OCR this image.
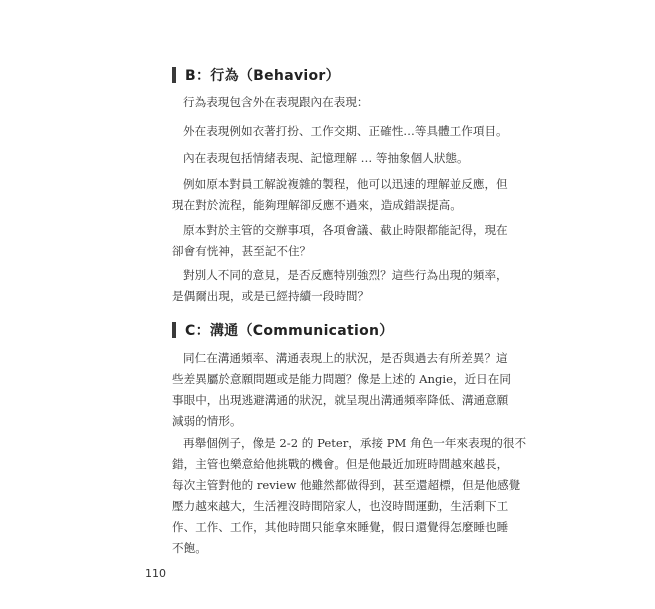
B：行為（Behavior）

行為表現包含外在表現跟內在表現：

外在表現例如衣著打扮、工作交期、正確性…等具體工作項目。

內在表現包括情緒表現、記憶理解 … 等抽象個人狀態。

例如原本對員工解說複雜的製程，他可以迅速的理解並反應，但
現在對於流程，能夠理解卻反應不過來，造成錯誤提高。

原本對於主管的交辦事項，各項會議、截止時限都能記得，現在
卻會有恍神，甚至記不住？

對別人不同的意見，是否反應特別強烈？這些行為出現的頻率，
是偶爾出現，或是已經持續一段時間？

C：溝通（Communication）

同仁在溝通頻率、溝通表現上的狀況，是否與過去有所差異？這
些差異屬於意願問題或是能力問題？像是上述的 Angie，近日在同
事眼中，出現逃避溝通的狀況，就呈現出溝通頻率降低、溝通意願
減弱的情形。

再舉個例子，像是 2-2 的 Peter，承接 PM 角色一年來表現的很不
錯，主管也樂意給他挑戰的機會。但是他最近加班時間越來越長，
每次主管對他的 review 他雖然都做得到，甚至還超標，但是他感覺
壓力越來越大，生活裡沒時間陪家人，也沒時間運動，生活剩下工
作、工作、工作，其他時間只能拿來睡覺，假日還覺得怎麼睡也睡
不飽。

110
